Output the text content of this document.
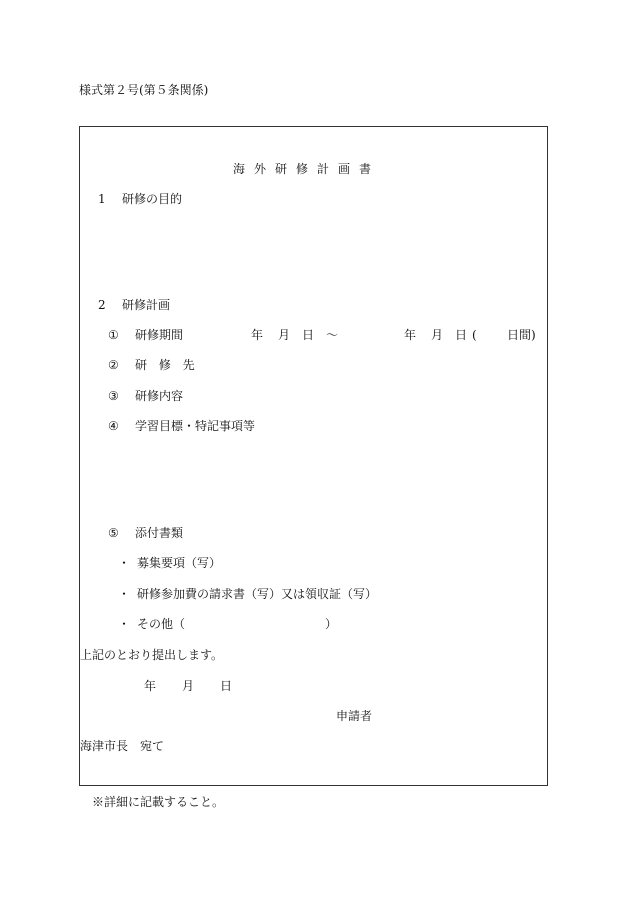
様式第２号(第５条関係)
海外研修計画書
1 研修の目的
2 研修計画
① 研修期間	年 月 日 ～	年 月 日 (	日間)
② 研 修 先
③ 研修内容
④ 学習目標・特記事項等
⑤ 添付書類
・ 募集要項（写）
・ 研修参加費の請求書（写）又は領収証（写）
・ その他（	）
上記のとおり提出します。
年 月 日
申請者
海津市長　宛て
※詳細に記載すること。
